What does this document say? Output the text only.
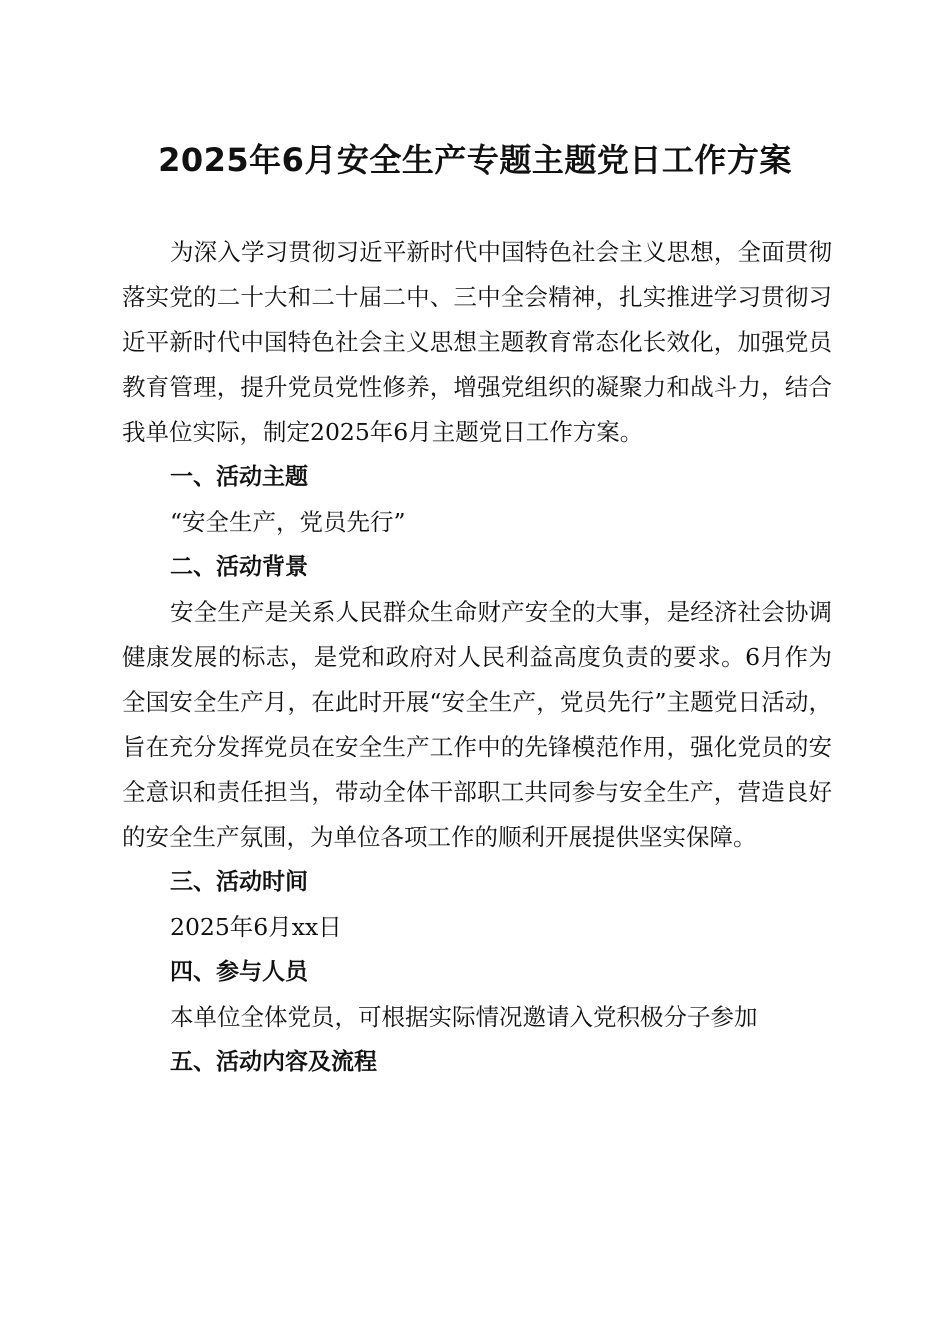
2025年6月安全生产专题主题党日工作方案

为深入学习贯彻习近平新时代中国特色社会主义思想，全面贯彻落实党的二十大和二十届二中、三中全会精神，扎实推进学习贯彻习近平新时代中国特色社会主义思想主题教育常态化长效化，加强党员教育管理，提升党员党性修养，增强党组织的凝聚力和战斗力，结合我单位实际，制定2025年6月主题党日工作方案。

一、活动主题

“安全生产，党员先行”

二、活动背景

安全生产是关系人民群众生命财产安全的大事，是经济社会协调健康发展的标志，是党和政府对人民利益高度负责的要求。6月作为全国安全生产月，在此时开展“安全生产，党员先行”主题党日活动，旨在充分发挥党员在安全生产工作中的先锋模范作用，强化党员的安全意识和责任担当，带动全体干部职工共同参与安全生产，营造良好的安全生产氛围，为单位各项工作的顺利开展提供坚实保障。

三、活动时间

2025年6月xx日

四、参与人员

本单位全体党员，可根据实际情况邀请入党积极分子参加

五、活动内容及流程
